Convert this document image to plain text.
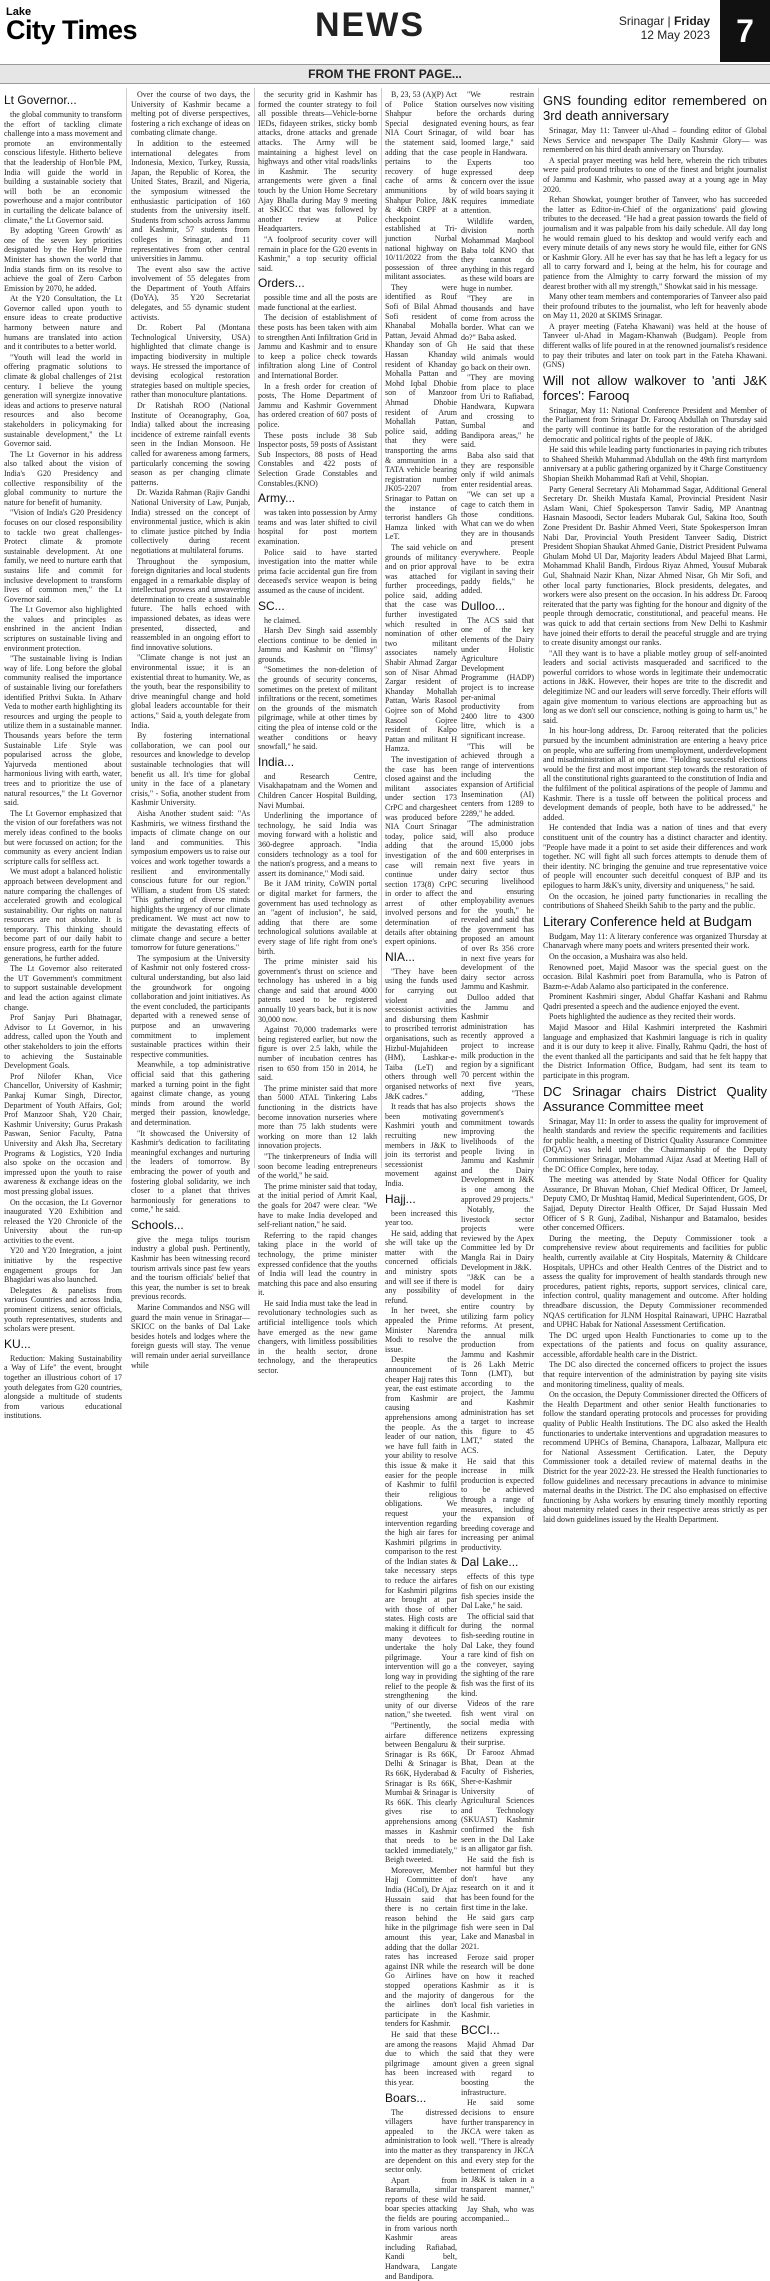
Lake
City Times	NEWS	Srinagar | Friday
12 May 2023 7
FROM THE FRONT PAGE...
Lt Governor...

the global community to transform the effort of tackling climate challenge into a mass movement and promote an environmentally conscious lifestyle. Hitherto believe that the leadership of Hon'ble PM, India will guide the world in building a sustainable society that will both be an economic powerhouse and a major contributor in curtailing the delicate balance of climate," the Lt Governor said.

By adopting 'Green Growth' as one of the seven key priorities designated by the Hon'ble Prime Minister has shown the world that India stands firm on its resolve to achieve the goal of Zero Carbon Emission by 2070, he added.

At the Y20 Consultation, the Lt Governor called upon youth to ensure ideas to create productive harmony between nature and humans are translated into action and it contributes to a better world.

"Youth will lead the world in offering pragmatic solutions to climate & global challenges of 21st century. I believe the young generation will synergize innovative ideas and actions to preserve natural resources and also become stakeholders in policymaking for sustainable development," the Lt Governor said.

The Lt Governor in his address also talked about the vision of India's G20 Presidency and collective responsibility of the global community to nurture the nature for benefit of humanity.

"Vision of India's G20 Presidency focuses on our closed responsibility to tackle two great challenges-Protect climate & promote sustainable development. At one family, we need to nurture earth that sustains life and commit for inclusive development to transform lives of common men," the Lt Governor said.

The Lt Governor also highlighted the values and principles as enshrined in the ancient Indian scriptures on sustainable living and environment protection.

"The sustainable living is Indian way of life. Long before the global community realised the importance of sustainable living our forefathers identified Prithvi Sukta. In Atharv Veda to mother earth highlighting its resources and urging the people to utilize them in a sustainable manner. Thousands years before the term Sustainable Life Style was popularised across the globe, Yajurveda mentioned about harmonious living with earth, water, trees and to prioritize the use of natural resources," the Lt Governor said.

The Lt Governor emphasized that the vision of our forefathers was not merely ideas confined to the books but were focussed on action; for the community as every ancient Indian scripture calls for selfless act.

We must adopt a balanced holistic approach between development and nature comparing the challenges of accelerated growth and ecological sustainability. Our rights on natural resources are not absolute. It is temporary. This thinking should become part of our daily habit to ensure progress, earth for the future generations, he further added.

The Lt Governor also reiterated the UT Government's commitment to support sustainable development and lead the action against climate change.

Prof Sanjay Puri Bhatnagar, Advisor to Lt Governor, in his address, called upon the Youth and other stakeholders to join the efforts to achieving the Sustainable Development Goals.

Prof Nilofer Khan, Vice Chancellor, University of Kashmir; Pankaj Kumar Singh, Director, Department of Youth Affairs, GoI; Prof Manzoor Shah, Y20 Chair, Kashmir University; Gurus Prakash Paswan, Senior Faculty, Patna University and Aksh Jha, Secretary Programs & Logistics, Y20 India also spoke on the occasion and impressed upon the youth to raise awareness & exchange ideas on the most pressing global issues.

On the occasion, the Lt Governor inaugurated Y20 Exhibition and released the Y20 Chronicle of the University about the run-up activities to the event.

Y20 and Y20 Integration, a joint initiative by the respective engagement groups for Jan Bhagidari was also launched.

Delegates & panelists from various Countries and across India, prominent citizens, senior officials, youth representatives, students and scholars were present.

KU...

Reduction: Making Sustainability a Way of Life" the event, brought together an illustrious cohort of 17 youth delegates from G20 countries, alongside a multitude of students from various educational institutions.

Over the course of two days, the University of Kashmir became a melting pot of diverse perspectives, fostering a rich exchange of ideas on combating climate change.

In addition to the esteemed international delegates from Indonesia, Mexico, Turkey, Russia, Japan, the Republic of Korea, the United States, Brazil, and Nigeria, the symposium witnessed the enthusiastic participation of 160 students from the university itself. Students from schools across Jammu and Kashmir, 57 students from colleges in Srinagar, and 11 representatives from other central universities in Jammu.

The event also saw the active involvement of 55 delegates from the Department of Youth Affairs (DoYA), 35 Y20 Secretariat delegates, and 55 dynamic student activists.

Dr. Robert Pal (Montana Technological University, USA) highlighted that climate change is impacting biodiversity in multiple ways. He stressed the importance of devising ecological restoration strategies based on multiple species, rather than monoculture plantations.

Dr Ratishah ROO (National Institute of Oceanography, Goa, India) talked about the increasing incidence of extreme rainfall events seen in the Indian Monsoon. He called for awareness among farmers, particularly concerning the sowing season as per changing climate patterns.

Dr. Wazida Rahman (Rajiv Gandhi National University of Law, Punjab, India) stressed on the concept of environmental justice, which is akin to climate justice pitched by India collectively during recent negotiations at multilateral forums.

Throughout the symposium, foreign dignitaries and local students engaged in a remarkable display of intellectual prowess and unwavering determination to create a sustainable future. The halls echoed with impassioned debates, as ideas were presented, dissected, and reassembled in an ongoing effort to find innovative solutions.

"Climate change is not just an environmental issue; it is an existential threat to humanity. We, as the youth, bear the responsibility to drive meaningful change and hold global leaders accountable for their actions," Said a, youth delegate from India.

By fostering international collaboration, we can pool our resources and knowledge to develop sustainable technologies that will benefit us all. It's time for global unity in the face of a planetary crisis," - Sofia, another student from Kashmir University.

Aisha Another student said: "As Kashmiris, we witness firsthand the impacts of climate change on our land and communities. This symposium empowers us to raise our voices and work together towards a resilient and environmentally conscious future for our region." William, a student from US stated: "This gathering of diverse minds highlights the urgency of our climate predicament. We must act now to mitigate the devastating effects of climate change and secure a better tomorrow for future generations."

The symposium at the University of Kashmir not only fostered cross-cultural understanding, but also laid the groundwork for ongoing collaboration and joint initiatives. As the event concluded, the participants departed with a renewed sense of purpose and an unwavering commitment to implement sustainable practices within their respective communities.

Meanwhile, a top administrative official said that this gathering marked a turning point in the fight against climate change, as young minds from around the world merged their passion, knowledge, and determination.

"It showcased the University of Kashmir's dedication to facilitating meaningful exchanges and nurturing the leaders of tomorrow. By embracing the power of youth and fostering global solidarity, we inch closer to a planet that thrives harmoniously for generations to come," he said.

Schools...

give the mega tulips tourism industry a global push. Pertinently, Kashmir has been witnessing record tourism arrivals since past few years and the tourism officials' belief that this year, the number is set to break previous records.

Marine Commandos and NSG will guard the main venue in Srinagar—SKICC on the banks of Dal Lake besides hotels and lodges where the foreign guests will stay. The venue will remain under aerial surveillance while

the security grid in Kashmir has formed the counter strategy to foil all possible threats—Vehicle-borne IEDs, fidayeen strikes, sticky bomb attacks, drone attacks and grenade attacks. The Army will be maintaining a highest level on highways and other vital roads/links in Kashmir. The security arrangements were given a final touch by the Union Home Secretary Ajay Bhalla during May 9 meeting at SKICC that was followed by another review at Police Headquarters.

"A foolproof security cover will remain in place for the G20 events in Kashmir," a top security official said.

Orders...

possible time and all the posts are made functional at the earliest.

The decision of establishment of these posts has been taken with aim to strengthen Anti Infiltration Grid in Jammu and Kashmir and to ensure to keep a police check towards infiltration along Line of Control and International Border.

In a fresh order for creation of posts, The Home Department of Jammu and Kashmir Government has ordered creation of 607 posts of police.

These posts include 38 Sub Inspector posts, 59 posts of Assistant Sub Inspectors, 88 posts of Head Constables and 422 posts of Selection Grade Constables and Constables.(KNO)

Army...

was taken into possession by Army teams and was later shifted to civil hospital for post mortem examination.

Police said to have started investigation into the matter while prima facie accidental gun fire from deceased's service weapon is being assumed as the cause of incident.

SC...

he claimed.

Harsh Dev Singh said assembly elections continue to be denied in Jammu and Kashmir on "flimsy" grounds.

"Sometimes the non-deletion of the grounds of security concerns, sometimes on the pretext of militant infiltrations or the recent, sometimes on the grounds of the mismatch pilgrimage, while at other times by citing the plea of intense cold or the weather conditions or heavy snowfall," he said.

India...

and Research Centre, Visakhapatnam and the Women and Children Cancer Hospital Building, Navi Mumbai.

Underlining the importance of technology, he said India was moving forward with a holistic and 360-degree approach. "India considers technology as a tool for the nation's progress, and a means to assert its dominance," Modi said.

Be it JAM trinity, CoWIN portal or digital market for farmers, the government has used technology as an "agent of inclusion", he said, adding that there are some technological solutions available at every stage of life right from one's birth.

The prime minister said his government's thrust on science and technology has ushered in a big change and said that around 4000 patents used to be registered annually 10 years back, but it is now 30,000 now.

Against 70,000 trademarks were being registered earlier, but now the figure is over 2.5 lakh, while the number of incubation centres has risen to 650 from 150 in 2014, he said.

The prime minister said that more than 5000 ATAL Tinkering Labs functioning in the districts have become innovation nurseries where more than 75 lakh students were working on more than 12 lakh innovation projects.

"The tinkerpreneurs of India will soon become leading entrepreneurs of the world," he said.

The prime minister said that today, at the initial period of Amrit Kaal, the goals for 2047 were clear. "We have to make India developed and self-reliant nation," he said.

Referring to the rapid changes taking place in the world of technology, the prime minister expressed confidence that the youths of India will lead the country in matching this pace and also ensuring it.

He said India must take the lead in revolutionary technologies such as artificial intelligence tools which have emerged as the new game changers, with limitless possibilities in the health sector, drone technology, and the therapeutics sector.

B, 23, 53 (A)(P) Act of Police Station Shahpur before Special designated NIA Court Srinagar, the statement said, adding that the case pertains to the recovery of huge cache of arms & ammunitions by Shahpur Police, J&K & 46th CRPF at a checkpoint established at Tri-junction Nurbal national highway on 10/11/2022 from the possession of three militant associates.

They were identified as Rouf Sofi of Bilal Ahmad Sofi resident of Khanabal Mohalla Pattan, Jevaid Ahmad Khanday son of Gh Hassan Khanday resident of Khanday Mohalla Pattan and Mohd Iqbal Dhobie son of Manzoor Ahmad Dhobie resident of Arum Mohallah Pattan, police said, adding that they were transporting the arms & ammunition in a TATA vehicle bearing registration number JK05-2207 from Srinagar to Pattan on the instance of terrorist handlers Gh Hamza linked with LeT.

The said vehicle on grounds of militancy and on prior approval was attached for further proceedings, police said, adding that the case was further investigated which resulted in nomination of other two militant associates namely Shabir Ahmad Zargar son of Nisar Ahmad Zargar resident of Khanday Mohallah Pattan, Waris Rasool Gojree son of Mohd Rasool Gojree resident of Kalpo Pattan and militant H Hamza.

The investigation of the case has been closed against and the militant associates under section 173 CrPC and chargesheet was produced before NIA Court Srinagar today, police said, adding that the investigation of the case will remain continue under section 173(8) CrPC in order to affect the arrest of other involved persons and determination of details after obtaining expert opinions.

NIA...

"They have been using the funds used for carrying out violent and secessionist activities and disbursing them to proscribed terrorist organisations, such as Hizbul-Mujahideen (HM), Lashkar-e-Taiba (LeT) and others through well organised networks of J&K cadres."

It reads that has also been motivating Kashmiri youth and recruiting new members in J&K to join its terrorist and secessionist movement against India.

Hajj...

been increased this year too.

He said, adding that she will take up the matter with the concerned officials and ministry spots and will see if there is any possibility of refund.

In her tweet, she appealed the Prime Minister Narendra Modi to resolve the issue.

Despite the announcement of cheaper Hajj rates this year, the east estimate from Kashmir are causing apprehensions among the people. As the leader of our nation, we have full faith in your ability to resolve this issue & make it easier for the people of Kashmir to fulfil their religious obligations. We request your intervention regarding the high air fares for Kashmiri pilgrims in comparison to the rest of the Indian states & take necessary steps to reduce the airfares for Kashmiri pilgrims are brought at par with those of other states. High costs are making it difficult for many devotees to undertake the holy pilgrimage. Your intervention will go a long way in providing relief to the people & strengthening the unity of our diverse nation," she tweeted.

"Pertinently, the airfare difference between Bengaluru & Srinagar is Rs 66K, Delhi & Srinagar is Rs 66K, Hyderabad & Srinagar is Rs 66K, Mumbai & Srinagar is Rs 66K. This clearly gives rise to apprehensions among masses in Kashmir that needs to be tackled immediately," Beigh tweeted.

Moreover, Member Hajj Committee of India (HCoI), Dr Ajaz Hussain said that there is no certain reason behind the hike in the pilgrimage amount this year, adding that the dollar rates has increased against INR while the Go Airlines have stopped operations and the majority of the airlines don't participate in the tenders for Kashmir.

He said that these are among the reasons due to which the pilgrimage amount has been increased this year.

Boars...

The distressed villagers have appealed to the administration to look into the matter as they are dependent on this sector only.

Apart from Baramulla, similar reports of these wild boar species attacking the fields are pouring in from various north Kashmir areas including Rafiabad, Kandi belt, Handwara, Langate and Bandipora.

"We restrain ourselves now visiting the orchards during evening hours, as fear of wild boar has loomed large," said people in Handwara.

Experts too expressed deep concern over the issue of wild boars saying it requires immediate attention.

Wildlife warden, division north Mohammad Maqbool Baba told KNO that they cannot do anything in this regard as these wild boars are huge in number.

"They are in thousands and have come from across the border. What can we do?" Baba asked.

He said that these wild animals would go back on their own.

"They are moving from place to place from Uri to Rafiabad, Handwara, Kupwara and crossing to Sumbal and Bandipora areas," he said.

Baba also said that they are responsible only if wild animals enter residential areas.

"We can set up a cage to catch them in those conditions. What can we do when they are in thousands and present everywhere. People have to be extra vigilant in saving their paddy fields," he added.

Dulloo...

The ACS said that one of the key elements of the Dairy under Holistic Agriculture Development Programme (HADP) project is to increase per-animal productivity from 2400 litre to 4300 litre, which is a significant increase.

"This will be achieved through a range of interventions including the expansion of Artificial Insemination (AI) centers from 1289 to 2289," he added.

"The administration will also produce around 15,000 jobs and 600 enterprises in next five years in dairy sector thus securing livelihood and ensuring employability avenues for the youth," he revealed and said that the government has proposed an amount of over Rs 356 crore in next five years for development of the dairy sector across Jammu and Kashmir.

Dulloo added that the Jammu and Kashmir administration has recently approved a project to increase milk production in the region by a significant 70 percent within the next five years, adding, "These projects shows the government's commitment towards improving the livelihoods of the people living in Jammu and Kashmir and the Dairy Development in J&K is one among the approved 29 projects."

Notably, the livestock sector projects were reviewed by the Apex Committee led by Dr Mangla Rai in Dairy Development in J&K.

"J&K can be a model for dairy development in the entire country by utilizing farm policy reforms. At present, the annual milk production from Jammu and Kashmir is 26 Lakh Metric Tonn (LMT), but according to the project, the Jammu and Kashmir administration has set a target to increase this figure to 45 LMT," stated the ACS.

He said that this increase in milk production is expected to be achieved through a range of measures, including the expansion of breeding coverage and increasing per animal productivity.

Dal Lake...

effects of this type of fish on our existing fish species inside the Dal Lake," he said.

The official said that during the normal fish-seeding routine in Dal Lake, they found a rare kind of fish on the conveyer, saying the sighting of the rare fish was the first of its kind.

Videos of the rare fish went viral on social media with netizens expressing their surprise.

Dr Farooz Ahmad Bhat, Dean at the Faculty of Fisheries, Sher-e-Kashmir University of Agricultural Sciences and Technology (SKUAST) Kashmir confirmed the fish seen in the Dal Lake is an alligator gar fish.

He said the fish is not harmful but they don't have any research on it and it has been found for the first time in the lake.

He said gars carp fish were seen in Dal Lake and Manasbal in 2021.

Feroze said proper research will be done on how it reached Kashmir as it is dangerous for the local fish varieties in Kashmir.

BCCI...

Majid Ahmad Dar said that they were given a green signal with regard to boosting the infrastructure.

He said some decisions to ensure further transparency in JKCA were taken as well. "There is already transparency in JKCA and every step for the betterment of cricket in J&K is taken in a transparent manner," he said.

Jay Shah, who was accompanied...

GNS founding editor remembered on 3rd death anniversary

Srinagar, May 11: Tanveer ul-Ahad – founding editor of Global News Service and newspaper The Daily Kashmir Glory— was remembered on his third death anniversary on Thursday.

A special prayer meeting was held here, wherein the rich tributes were paid profound tributes to one of the finest and bright journalist of Jammu and Kashmir, who passed away at a young age in May 2020.

Rehan Showkat, younger brother of Tanveer, who has succeeded the latter as Editor-in-Chief of the organizations' paid glowing tributes to the deceased. "He had a great passion towards the field of journalism and it was palpable from his daily schedule. All day long he would remain glued to his desktop and would verify each and every minute details of any news story he would file, either for GNS or Kashmir Glory. All he ever has say that he has left a legacy for us all to carry forward and I, being at the helm, his for courage and patience from the Almighty to carry forward the mission of my dearest brother with all my strength," Showkat said in his message.

Many other team members and contemporaries of Tanveer also paid their profound tributes to the journalist, who left for heavenly abode on May 11, 2020 at SKIMS Srinagar.

A prayer meeting (Fateha Khawani) was held at the house of Tanveer ul-Ahad in Magam-Khanwah (Budgam). People from different walks of life poured in at the renowned journalist's residence to pay their tributes and later on took part in the Fateha Khawani. (GNS)

Will not allow walkover to 'anti J&K forces': Farooq

Srinagar, May 11: National Conference President and Member of the Parliament from Srinagar Dr. Farooq Abdullah on Thursday said the party will continue its battle for the restoration of the abridged democratic and political rights of the people of J&K.

He said this while leading party functionaries in paying rich tributes to Shaheed Sheikh Muhammad Abdullah on the 49th first martyrdom anniversary at a public gathering organized by it Charge Constituency Shopian Sheikh Mohammad Rafi at Vehil, Shopian.

Party General Secretary Ali Mohammad Sagar, Additional General Secretary Dr. Sheikh Mustafa Kamal, Provincial President Nasir Aslam Wani, Chief Spokesperson Tanvir Sadiq, MP Anantnag Hasnain Masoodi, Sector leaders Mubarak Gul, Sakina Itoo, South Zone President Dr. Bashir Ahmed Veeri, State Spokesperson Imran Nabi Dar, Provincial Youth President Tanveer Sadiq, District President Shopian Shaukat Ahmed Ganie, District President Pulwama Ghulam Mohd Ul Dar, Majority leaders Abdul Majeed Bhat Larmi, Mohammad Khalil Bandh, Firdous Riyaz Ahmed, Yousuf Mubarak Gul, Shahnaid Nazir Khan, Nizar Ahmed Nisar, Gh Mir Sofi, and other local party functionaries, Block presidents, delegates, and workers were also present on the occasion. In his address Dr. Farooq reiterated that the party was fighting for the honour and dignity of the people through democratic, constitutional, and peaceful means. He was quick to add that certain sections from New Delhi to Kashmir have joined their efforts to derail the peaceful struggle and are trying to create disunity amongst our ranks.

"All they want is to have a pliable motley group of self-anointed leaders and social activists masqueraded and sacrificed to the powerful corridors to whose words in legitimate their undemocratic actions in J&K. However, their hopes are trite to the discredit and delegitimize NC and our leaders will serve forcedly. Their efforts will again give momentum to various elections are approaching but as long as we don't sell our conscience, nothing is going to harm us," he said.

In his hour-long address, Dr. Farooq reiterated that the policies pursued by the incumbent administration are entering a heavy price on people, who are suffering from unemployment, underdevelopment and misadministration all at one time. "Holding successful elections would be the first and most important step towards the restoration of all the constitutional rights guaranteed to the constitution of India and the fulfilment of the political aspirations of the people of Jammu and Kashmir. There is a tussle off between the political process and development demands of people, both have to be addressed," he added.

He contended that India was a nation of tines and that every constituent unit of the country has a distinct character and identity. "People have made it a point to set aside their differences and work together. NC will fight all such forces attempts to denude them of their identity. NC bringing the genuine and true representative voice of people will encounter such deceitful conquest of BJP and its epilogues to harm J&K's unity, diversity and uniqueness," he said.

On the occasion, he joined party functionaries in recalling the contributions of Shaheed Sheikh Sahib to the party and the public.

Literary Conference held at Budgam

Budgam, May 11: A literary conference was organized Thursday at Chanarvagh where many poets and writers presented their work.

On the occasion, a Mushaira was also held.

Renowned poet, Majid Masoor was the special guest on the occasion. Bilal Kashmiri poet from Baramulla, who is Patron of Bazm-e-Adab Aalamo also participated in the conference.

Prominent Kashmiri singer, Abdul Ghaffar Kashani and Rahmu Qadri presented a speech and the audience enjoyed the event.

Poets highlighted the audience as they recited their words.

Majid Masoor and Hilal Kashmiri interpreted the Kashmiri language and emphasized that Kashmiri language is rich in quality and it is our duty to keep it alive. Finally, Rahmu Qadri, the host of the event thanked all the participants and said that he felt happy that the District Information Office, Budgam, had sent its team to participate in this program.

DC Srinagar chairs District Quality Assurance Committee meet

Srinagar, May 11: In order to assess the quality for improvement of health standards and review the specific requirements and facilities for public health, a meeting of District Quality Assurance Committee (DQAC) was held under the Chairmanship of the Deputy Commissioner Srinagar, Mohammad Aijaz Asad at Meeting Hall of the DC Office Complex, here today.

The meeting was attended by State Nodal Officer for Quality Assurance, Dr Bhuvan Mohan, Chief Medical Officer, Dr Jameel, Deputy CMO, Dr Mushtaq Hamid, Medical Superintendent, GOS, Dr Sajjad, Deputy Director Health Officer, Dr Sajad Hussain Med Officer of S R Gunj, Zadibal, Nishanpur and Batamaloo, besides other concerned Officers.

During the meeting, the Deputy Commissioner took a comprehensive review about requirements and facilities for public health, currently available at City Hospitals, Maternity & Childcare Hospitals, UPHCs and other Health Centres of the District and to assess the quality for improvement of health standards through new procedures, patient rights, reports, support services, clinical care, infection control, quality management and outcome. After holding threadbare discussion, the Deputy Commissioner recommended NQAS certification for JLNM Hospital Rainawari, UPHC Hazratbal and UPHC Habak for National Assessment Certification.

The DC urged upon Health Functionaries to come up to the expectations of the patients and focus on quality assurance, accessible, affordable health care in the District.

The DC also directed the concerned officers to project the issues that require intervention of the administration by paying site visits and monitoring timeliness, quality of meals.

On the occasion, the Deputy Commissioner directed the Officers of the Health Department and other senior Health functionaries to follow the standard operating protocols and processes for providing quality of Public Health Institutions. The DC also asked the Health functionaries to undertake interventions and upgradation measures to recommend UPHCs of Bemina, Chanapora, Lalbazar, Mallpura etc for National Assessment Certification. Later, the Deputy Commissioner took a detailed review of maternal deaths in the District for the year 2022-23. He stressed the Health functionaries to follow guidelines and necessary precautions in advance to minimise maternal deaths in the District. The DC also emphasised on effective functioning by Asha workers by ensuring timely monthly reporting about maternity related cases in their respective areas strictly as per laid down guidelines issued by the Health Department.
